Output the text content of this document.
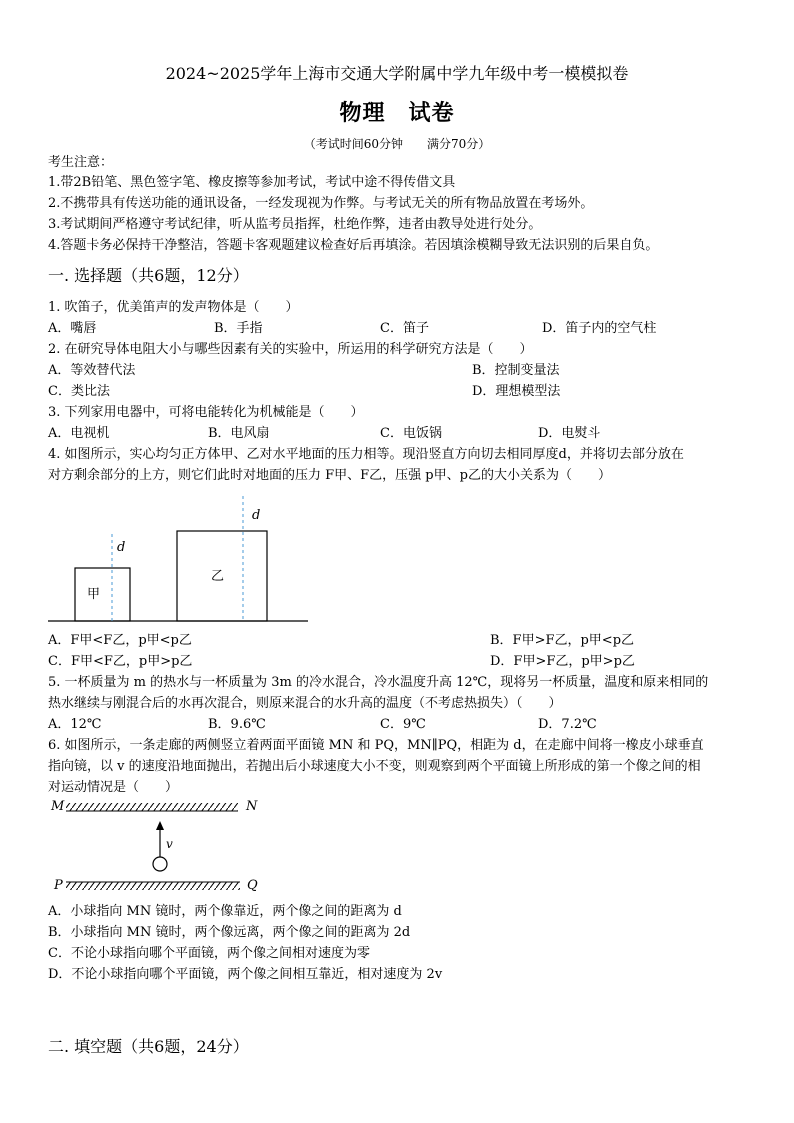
2024~2025学年上海市交通大学附属中学九年级中考一模模拟卷
物理　试卷
（考试时间60分钟　　满分70分）
考生注意：
1.带2B铅笔、黑色签字笔、橡皮擦等参加考试，考试中途不得传借文具
2.不携带具有传送功能的通讯设备，一经发现视为作弊。与考试无关的所有物品放置在考场外。
3.考试期间严格遵守考试纪律，听从监考员指挥，杜绝作弊，违者由教导处进行处分。
4.答题卡务必保持干净整洁，答题卡客观题建议检查好后再填涂。若因填涂模糊导致无法识别的后果自负。
一. 选择题（共6题，12分）
1. 吹笛子，优美笛声的发声物体是（　　）
A．嘴唇	B．手指	C．笛子	D．笛子内的空气柱
2. 在研究导体电阻大小与哪些因素有关的实验中，所运用的科学研究方法是（　　）
A．等效替代法	B．控制变量法
C．类比法	D．理想模型法
3. 下列家用电器中，可将电能转化为机械能是（　　）
A．电视机	B．电风扇	C．电饭锅	D．电熨斗
4. 如图所示，实心均匀正方体甲、乙对水平地面的压力相等。现沿竖直方向切去相同厚度d，并将切去部分放在
对方剩余部分的上方，则它们此时对地面的压力 F甲、F乙，压强 p甲、p乙的大小关系为（　　）
甲
乙
d
d
A．F甲<F乙，p甲<p乙	B．F甲>F乙，p甲<p乙
C．F甲<F乙，p甲>p乙	D．F甲>F乙，p甲>p乙
5. 一杯质量为 m 的热水与一杯质量为 3m 的冷水混合，冷水温度升高 12℃，现将另一杯质量，温度和原来相同的
热水继续与刚混合后的水再次混合，则原来混合的水升高的温度（不考虑热损失）（　　）
A．12℃	B．9.6℃	C．9℃	D．7.2℃
6. 如图所示，一条走廊的两侧竖立着两面平面镜 MN 和 PQ，MN∥PQ，相距为 d，在走廊中间将一橡皮小球垂直
指向镜，以 v 的速度沿地面抛出，若抛出后小球速度大小不变，则观察到两个平面镜上所形成的第一个像之间的相
对运动情况是（　　）
M	N
P	Q
v
A．小球指向 MN 镜时，两个像靠近，两个像之间的距离为 d
B．小球指向 MN 镜时，两个像远离，两个像之间的距离为 2d
C．不论小球指向哪个平面镜，两个像之间相对速度为零
D．不论小球指向哪个平面镜，两个像之间相互靠近，相对速度为 2v
二. 填空题（共6题，24分）
